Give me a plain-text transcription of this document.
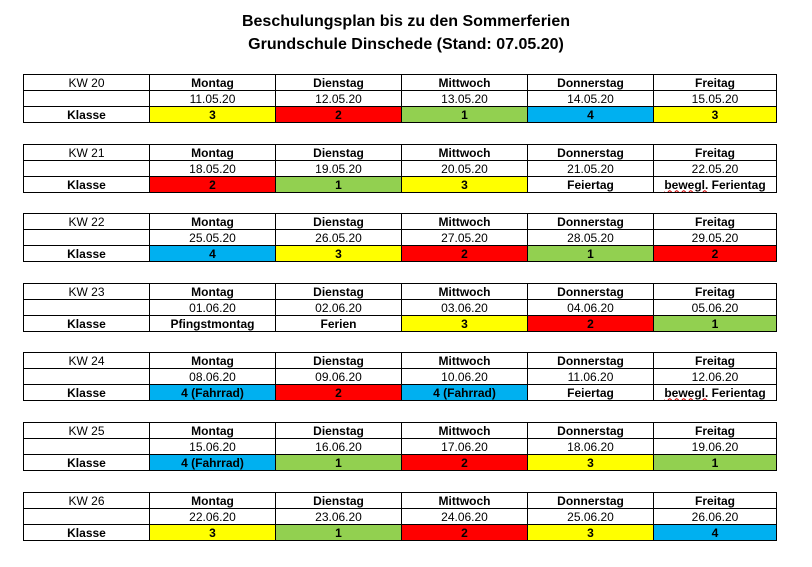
Beschulungsplan bis zu den Sommerferien
Grundschule Dinschede (Stand: 07.05.20)
KW 20	Montag	Dienstag	Mittwoch	Donnerstag	Freitag
	11.05.20	12.05.20	13.05.20	14.05.20	15.05.20
Klasse	3	2	1	4	3
KW 21	Montag	Dienstag	Mittwoch	Donnerstag	Freitag
	18.05.20	19.05.20	20.05.20	21.05.20	22.05.20
Klasse	2	1	3	Feiertag	bewegl. Ferientag
KW 22	Montag	Dienstag	Mittwoch	Donnerstag	Freitag
	25.05.20	26.05.20	27.05.20	28.05.20	29.05.20
Klasse	4	3	2	1	2
KW 23	Montag	Dienstag	Mittwoch	Donnerstag	Freitag
	01.06.20	02.06.20	03.06.20	04.06.20	05.06.20
Klasse	Pfingstmontag	Ferien	3	2	1
KW 24	Montag	Dienstag	Mittwoch	Donnerstag	Freitag
	08.06.20	09.06.20	10.06.20	11.06.20	12.06.20
Klasse	4 (Fahrrad)	2	4 (Fahrrad)	Feiertag	bewegl. Ferientag
KW 25	Montag	Dienstag	Mittwoch	Donnerstag	Freitag
	15.06.20	16.06.20	17.06.20	18.06.20	19.06.20
Klasse	4 (Fahrrad)	1	2	3	1
KW 26	Montag	Dienstag	Mittwoch	Donnerstag	Freitag
	22.06.20	23.06.20	24.06.20	25.06.20	26.06.20
Klasse	3	1	2	3	4
